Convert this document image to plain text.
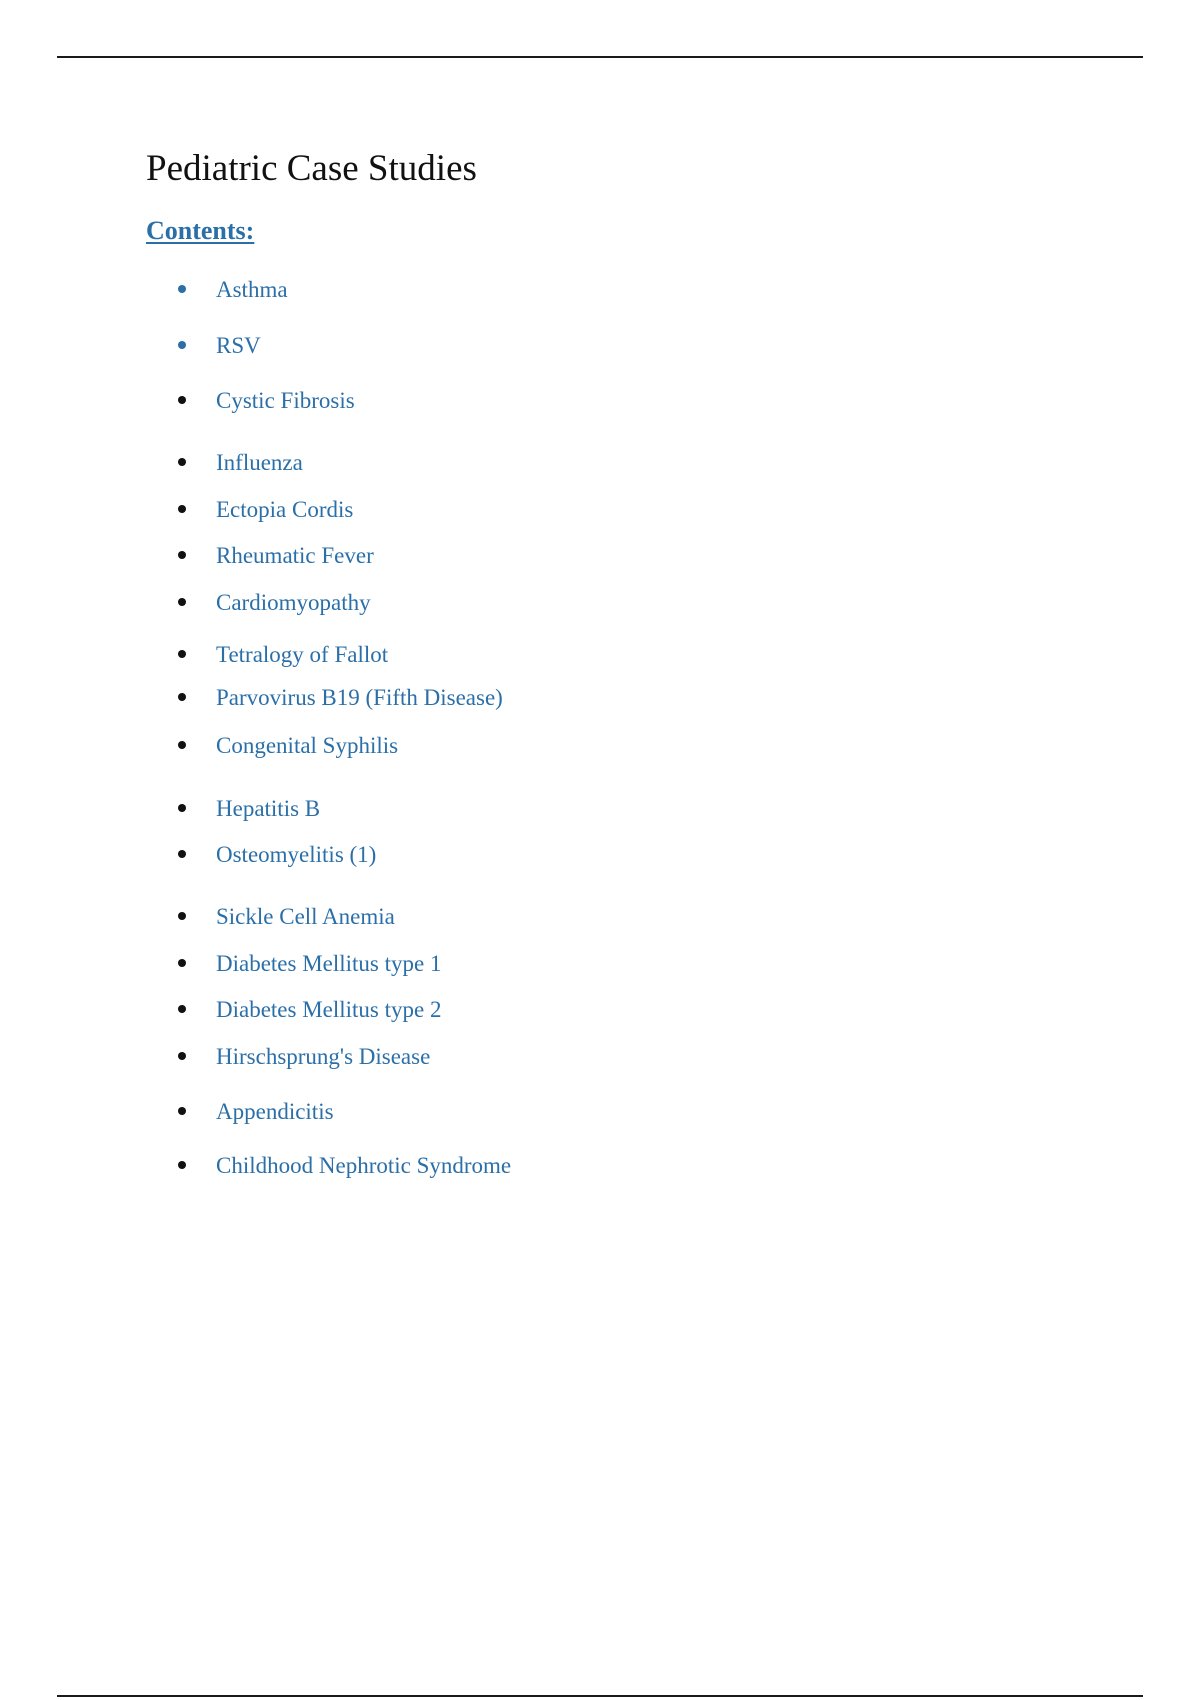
Pediatric Case Studies
Contents:
Asthma
RSV
Cystic Fibrosis
Influenza
Ectopia Cordis
Rheumatic Fever
Cardiomyopathy
Tetralogy of Fallot
Parvovirus B19 (Fifth Disease)
Congenital Syphilis
Hepatitis B
Osteomyelitis (1)
Sickle Cell Anemia
Diabetes Mellitus type 1
Diabetes Mellitus type 2
Hirschsprung's Disease
Appendicitis
Childhood Nephrotic Syndrome
